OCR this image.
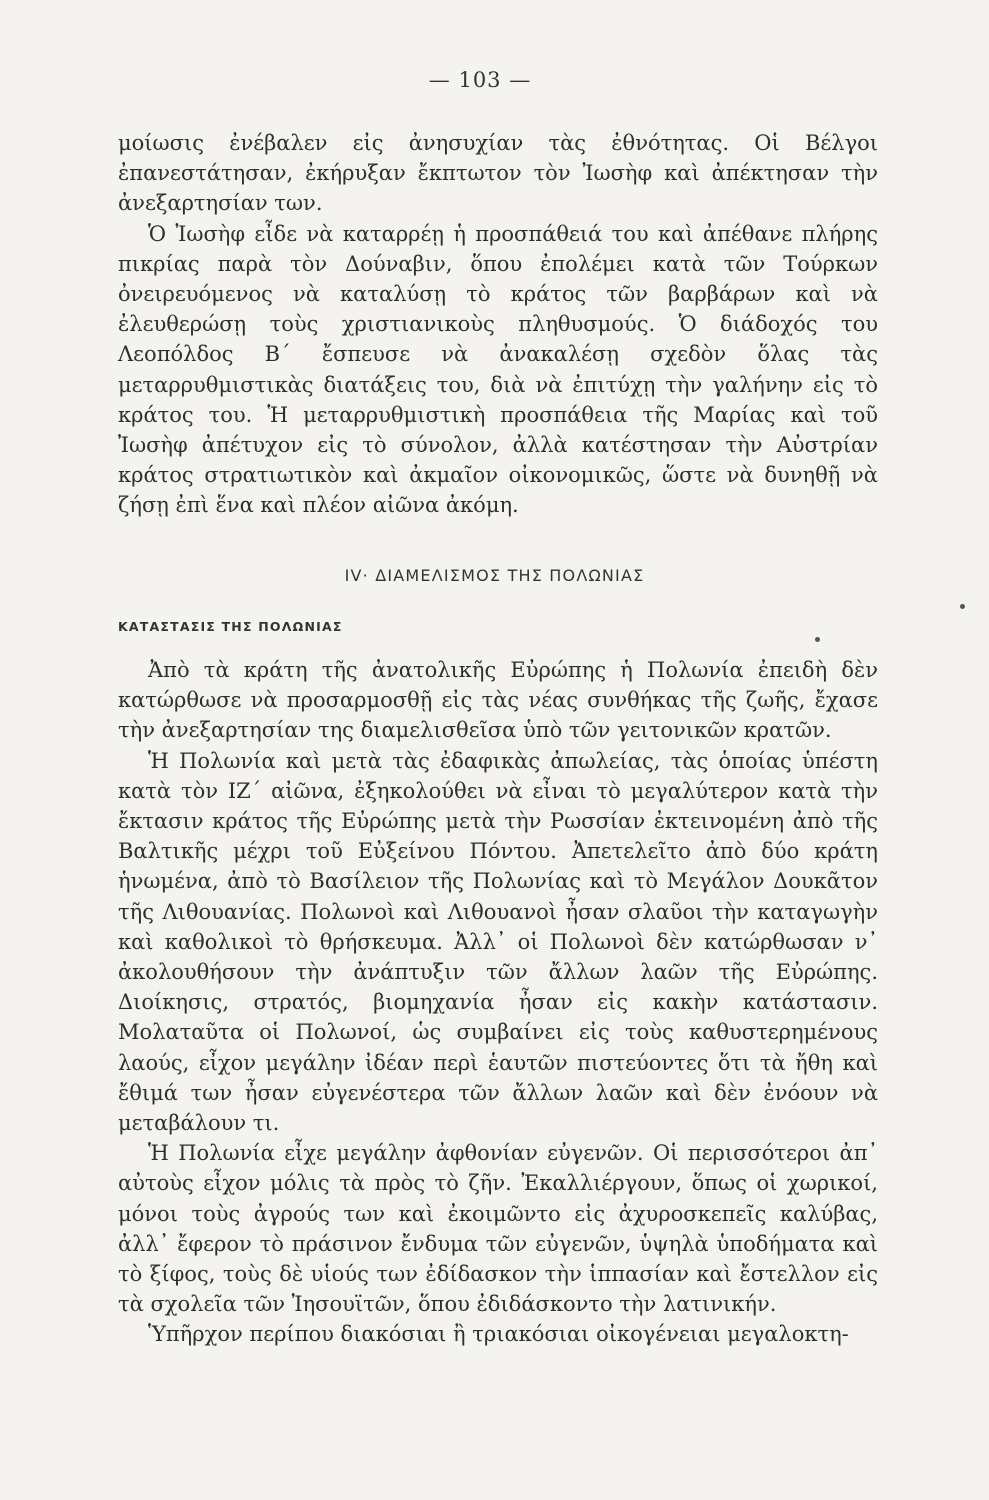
— 103 —

μοίωσις ἐνέβαλεν εἰς ἀνησυχίαν τὰς ἐθνότητας. Οἱ Βέλγοι ἐπανεστάτησαν, ἐκήρυξαν ἔκπτωτον τὸν Ἰωσὴφ καὶ ἀπέκτησαν τὴν ἀνεξαρτησίαν των.

Ὁ Ἰωσὴφ εἶδε νὰ καταρρέῃ ἡ προσπάθειά του καὶ ἀπέθανε πλήρης πικρίας παρὰ τὸν Δούναβιν, ὅπου ἐπολέμει κατὰ τῶν Τούρκων ὀνειρευόμενος νὰ καταλύσῃ τὸ κράτος τῶν βαρβάρων καὶ νὰ ἐλευθερώσῃ τοὺς χριστιανικοὺς πληθυσμούς. Ὁ διάδοχός του Λεοπόλδος Β´ ἔσπευσε νὰ ἀνακαλέσῃ σχεδὸν ὅλας τὰς μεταρρυθμιστικὰς διατάξεις του, διὰ νὰ ἐπιτύχῃ τὴν γαλήνην εἰς τὸ κράτος του. Ἡ μεταρρυθμιστικὴ προσπάθεια τῆς Μαρίας καὶ τοῦ Ἰωσὴφ ἀπέτυχον εἰς τὸ σύνολον, ἀλλὰ κατέστησαν τὴν Αὐστρίαν κράτος στρατιωτικὸν καὶ ἀκμαῖον οἰκονομικῶς, ὥστε νὰ δυνηθῇ νὰ ζήσῃ ἐπὶ ἕνα καὶ πλέον αἰῶνα ἀκόμη.

IV· ΔΙΑΜΕΛΙΣΜΟΣ ΤΗΣ ΠΟΛΩΝΙΑΣ
ΚΑΤΑΣΤΑΣΙΣ ΤΗΣ ΠΟΛΩΝΙΑΣ

Ἀπὸ τὰ κράτη τῆς ἀνατολικῆς Εὐρώπης ἡ Πολωνία ἐπειδὴ δὲν κατώρθωσε νὰ προσαρμοσθῇ εἰς τὰς νέας συνθήκας τῆς ζωῆς, ἔχασε τὴν ἀνεξαρτησίαν της διαμελισθεῖσα ὑπὸ τῶν γειτονικῶν κρατῶν.

Ἡ Πολωνία καὶ μετὰ τὰς ἐδαφικὰς ἀπωλείας, τὰς ὁποίας ὑπέστη κατὰ τὸν ΙΖ´ αἰῶνα, ἐξηκολούθει νὰ εἶναι τὸ μεγαλύτερον κατὰ τὴν ἔκτασιν κράτος τῆς Εὐρώπης μετὰ τὴν Ρωσσίαν ἐκτεινομένη ἀπὸ τῆς Βαλτικῆς μέχρι τοῦ Εὐξείνου Πόντου. Ἀπετελεῖτο ἀπὸ δύο κράτη ἡνωμένα, ἀπὸ τὸ Βασίλειον τῆς Πολωνίας καὶ τὸ Μεγάλον Δουκᾶτον τῆς Λιθουανίας. Πολωνοὶ καὶ Λιθουανοὶ ἦσαν σλαῦοι τὴν καταγωγὴν καὶ καθολικοὶ τὸ θρήσκευμα. Ἀλλ᾽ οἱ Πολωνοὶ δὲν κατώρθωσαν ν᾽ ἀκολουθήσουν τὴν ἀνάπτυξιν τῶν ἄλλων λαῶν τῆς Εὐρώπης. Διοίκησις, στρατός, βιομηχανία ἦσαν εἰς κακὴν κατάστασιν. Μολαταῦτα οἱ Πολωνοί, ὡς συμβαίνει εἰς τοὺς καθυστερημένους λαούς, εἶχον μεγάλην ἰδέαν περὶ ἑαυτῶν πιστεύοντες ὅτι τὰ ἤθη καὶ ἔθιμά των ἦσαν εὐγενέστερα τῶν ἄλλων λαῶν καὶ δὲν ἐνόουν νὰ μεταβάλουν τι.

Ἡ Πολωνία εἶχε μεγάλην ἀφθονίαν εὐγενῶν. Οἱ περισσότεροι ἀπ᾽ αὐτοὺς εἶχον μόλις τὰ πρὸς τὸ ζῆν. Ἐκαλλιέργουν, ὅπως οἱ χωρικοί, μόνοι τοὺς ἀγρούς των καὶ ἐκοιμῶντο εἰς ἀχυροσκεπεῖς καλύβας, ἀλλ᾽ ἔφερον τὸ πράσινον ἔνδυμα τῶν εὐγενῶν, ὑψηλὰ ὑποδήματα καὶ τὸ ξίφος, τοὺς δὲ υἱούς των ἐδίδασκον τὴν ἱππασίαν καὶ ἔστελλον εἰς τὰ σχολεῖα τῶν Ἰησουϊτῶν, ὅπου ἐδιδάσκοντο τὴν λατινικήν.

Ὑπῆρχον περίπου διακόσιαι ἢ τριακόσιαι οἰκογένειαι μεγαλοκτη-
